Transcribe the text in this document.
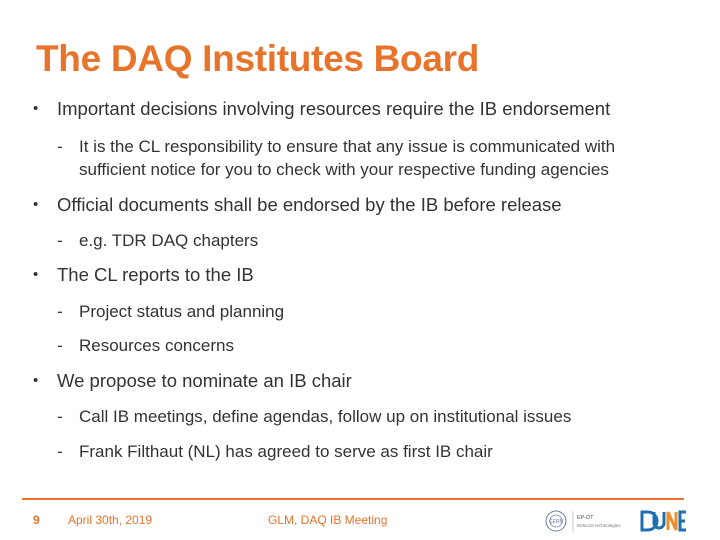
The DAQ Institutes Board
• Important decisions involving resources require the IB endorsement
- It is the CL responsibility to ensure that any issue is communicated with
sufficient notice for you to check with your respective funding agencies
• Official documents shall be endorsed by the IB before release
- e.g. TDR DAQ chapters
• The CL reports to the IB
- Project status and planning
- Resources concerns
• We propose to nominate an IB chair
- Call IB meetings, define agendas, follow up on institutional issues
- Frank Filthaut (NL) has agreed to serve as first IB chair

9 April 30th, 2019	GLM, DAQ IB Meeting	CERN
EP-DT
Detector technologies
DUNE
